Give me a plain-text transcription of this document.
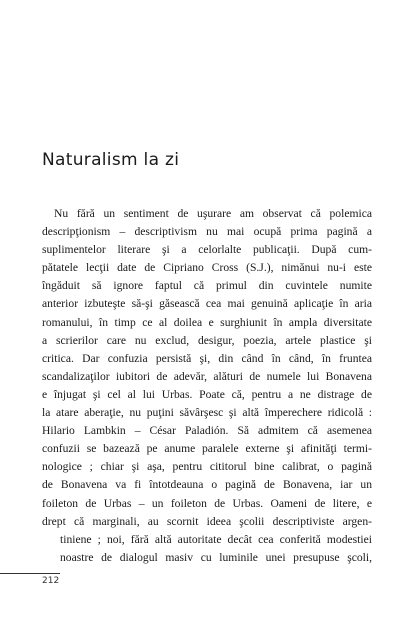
Naturalism la zi
Nu fără un sentiment de uşurare am observat că polemica
descripţionism – descriptivism nu mai ocupă prima pagină a
suplimentelor literare şi a celorlalte publicaţii. După cum-
pătatele lecţii date de Cipriano Cross (S.J.), nimănui nu-i este
îngăduit să ignore faptul că primul din cuvintele numite
anterior izbuteşte să-şi găsească cea mai genuină aplicaţie în aria
romanului, în timp ce al doilea e surghiunit în ampla diversitate
a scrierilor care nu exclud, desigur, poezia, artele plastice şi
critica. Dar confuzia persistă şi, din când în când, în fruntea
scandalizaţilor iubitori de adevăr, alături de numele lui Bonavena
e înjugat şi cel al lui Urbas. Poate că, pentru a ne distrage de
la atare aberaţie, nu puţini săvârşesc şi altă împerechere ridicolă :
Hilario Lambkin – César Paladión. Să admitem că asemenea
confuzii se bazează pe anume paralele externe şi afinităţi termi-
nologice ; chiar şi aşa, pentru cititorul bine calibrat, o pagină
de Bonavena va fi întotdeauna o pagină de Bonavena, iar un
foileton de Urbas – un foileton de Urbas. Oameni de litere, e
drept că marginali, au scornit ideea şcolii descriptiviste argen-
tiniene ; noi, fără altă autoritate decât cea conferită modestiei
noastre de dialogul masiv cu luminile unei presupuse şcoli,
212
